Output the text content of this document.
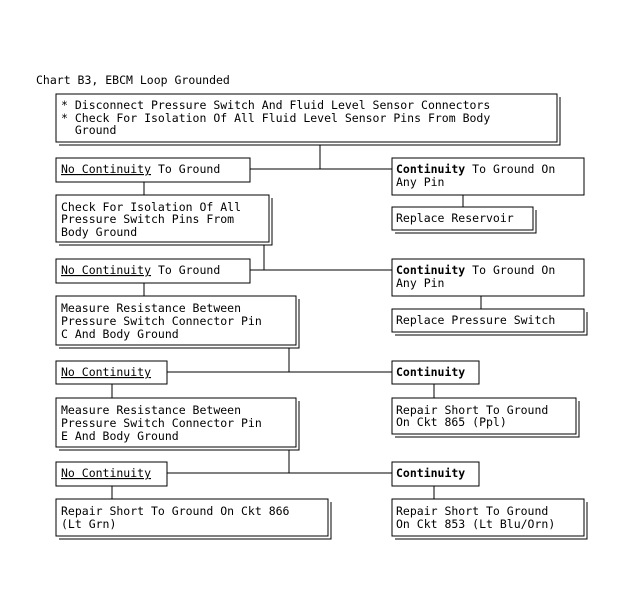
Chart B3, EBCM Loop Grounded
* Disconnect Pressure Switch And Fluid Level Sensor Connectors
* Check For Isolation Of All Fluid Level Sensor Pins From Body
Ground
No Continuity To Ground	Continuity To Ground On
Any Pin
Check For Isolation Of All
Pressure Switch Pins From
Body Ground
Replace Reservoir
No Continuity To Ground	Continuity To Ground On
Any Pin
Measure Resistance Between
Pressure Switch Connector Pin
C And Body Ground
Replace Pressure Switch
No Continuity	Continuity
Measure Resistance Between
Pressure Switch Connector Pin
E And Body Ground
Repair Short To Ground
On Ckt 865 (Ppl)
No Continuity	Continuity
Repair Short To Ground On Ckt 866
(Lt Grn)
Repair Short To Ground
On Ckt 853 (Lt Blu/Orn)
